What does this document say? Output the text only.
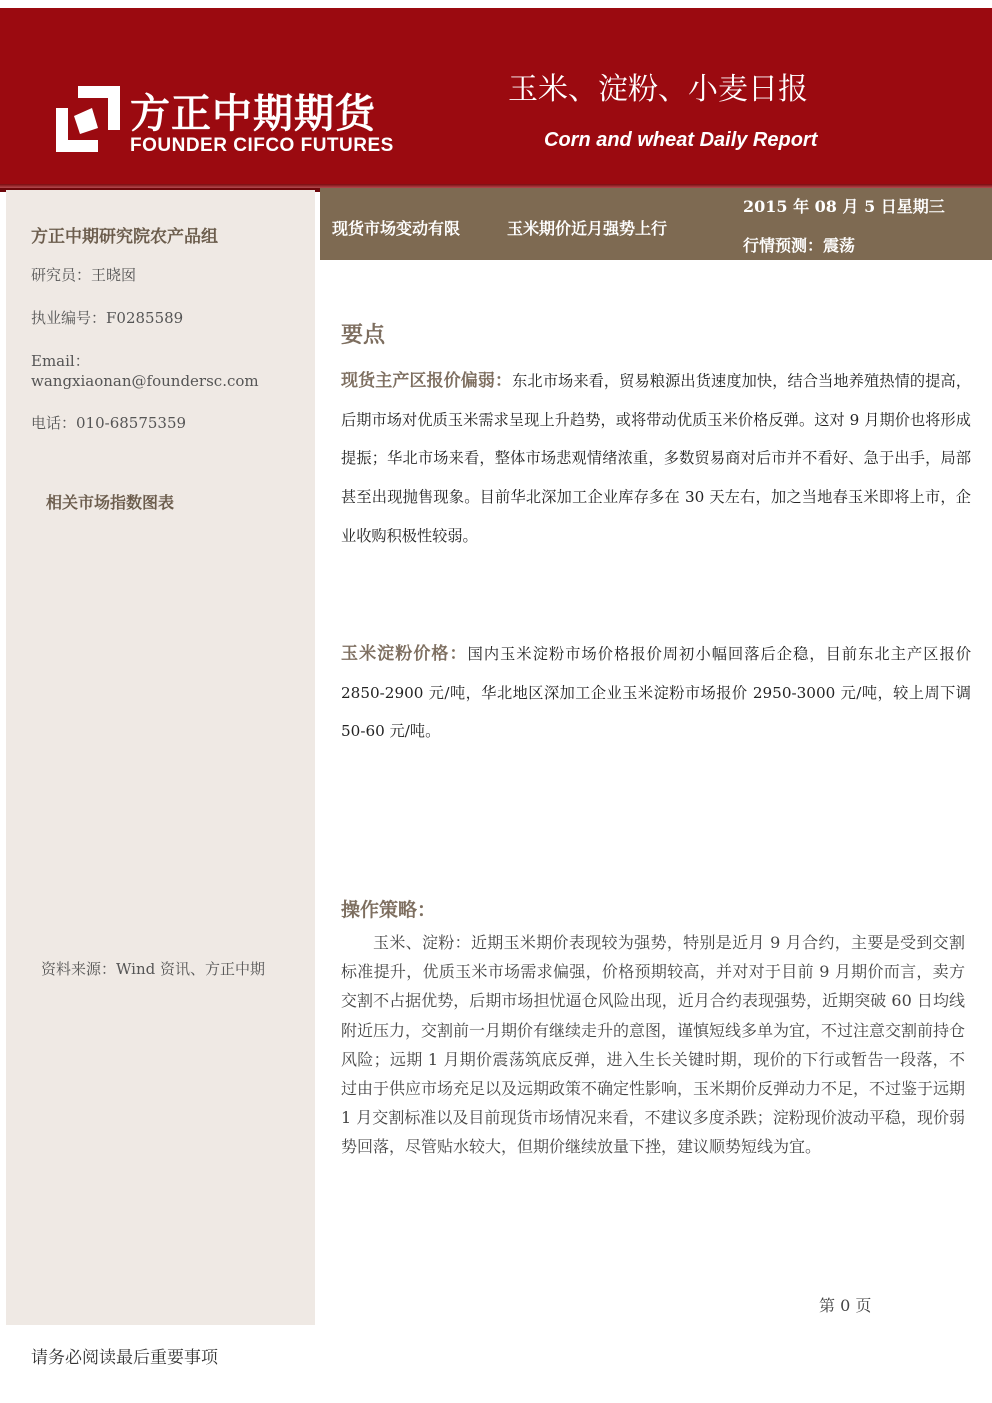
方正中期期货
FOUNDER CIFCO FUTURES
玉米、淀粉、小麦日报
Corn and wheat Daily Report
方正中期研究院农产品组
研究员：王晓囡
执业编号：F0285589
Email：
wangxiaonan@foundersc.com
电话：010-68575359
相关市场指数图表
资料来源：Wind 资讯、方正中期
现货市场变动有限	玉米期价近月强势上行
2015 年 08 月 5 日星期三
行情预测：震荡
要点
现货主产区报价偏弱：东北市场来看，贸易粮源出货速度加快，结合当地养殖热情的提高，后期市场对优质玉米需求呈现上升趋势，或将带动优质玉米价格反弹。这对 9 月期价也将形成提振；华北市场来看，整体市场悲观情绪浓重，多数贸易商对后市并不看好、急于出手，局部甚至出现抛售现象。目前华北深加工企业库存多在 30 天左右，加之当地春玉米即将上市，企业收购积极性较弱。
玉米淀粉价格：国内玉米淀粉市场价格报价周初小幅回落后企稳，目前东北主产区报价 2850-2900 元/吨，华北地区深加工企业玉米淀粉市场报价 2950-3000 元/吨，较上周下调 50-60 元/吨。
操作策略：
玉米、淀粉：近期玉米期价表现较为强势，特别是近月 9 月合约，主要是受到交割标准提升，优质玉米市场需求偏强，价格预期较高，并对对于目前 9 月期价而言，卖方交割不占据优势，后期市场担忧逼仓风险出现，近月合约表现强势，近期突破 60 日均线附近压力，交割前一月期价有继续走升的意图，谨慎短线多单为宜，不过注意交割前持仓风险；远期 1 月期价震荡筑底反弹，进入生长关键时期，现价的下行或暂告一段落，不过由于供应市场充足以及远期政策不确定性影响，玉米期价反弹动力不足，不过鉴于远期 1 月交割标准以及目前现货市场情况来看，不建议多度杀跌；淀粉现价波动平稳，现价弱势回落，尽管贴水较大，但期价继续放量下挫，建议顺势短线为宜。
第 0 页
请务必阅读最后重要事项
